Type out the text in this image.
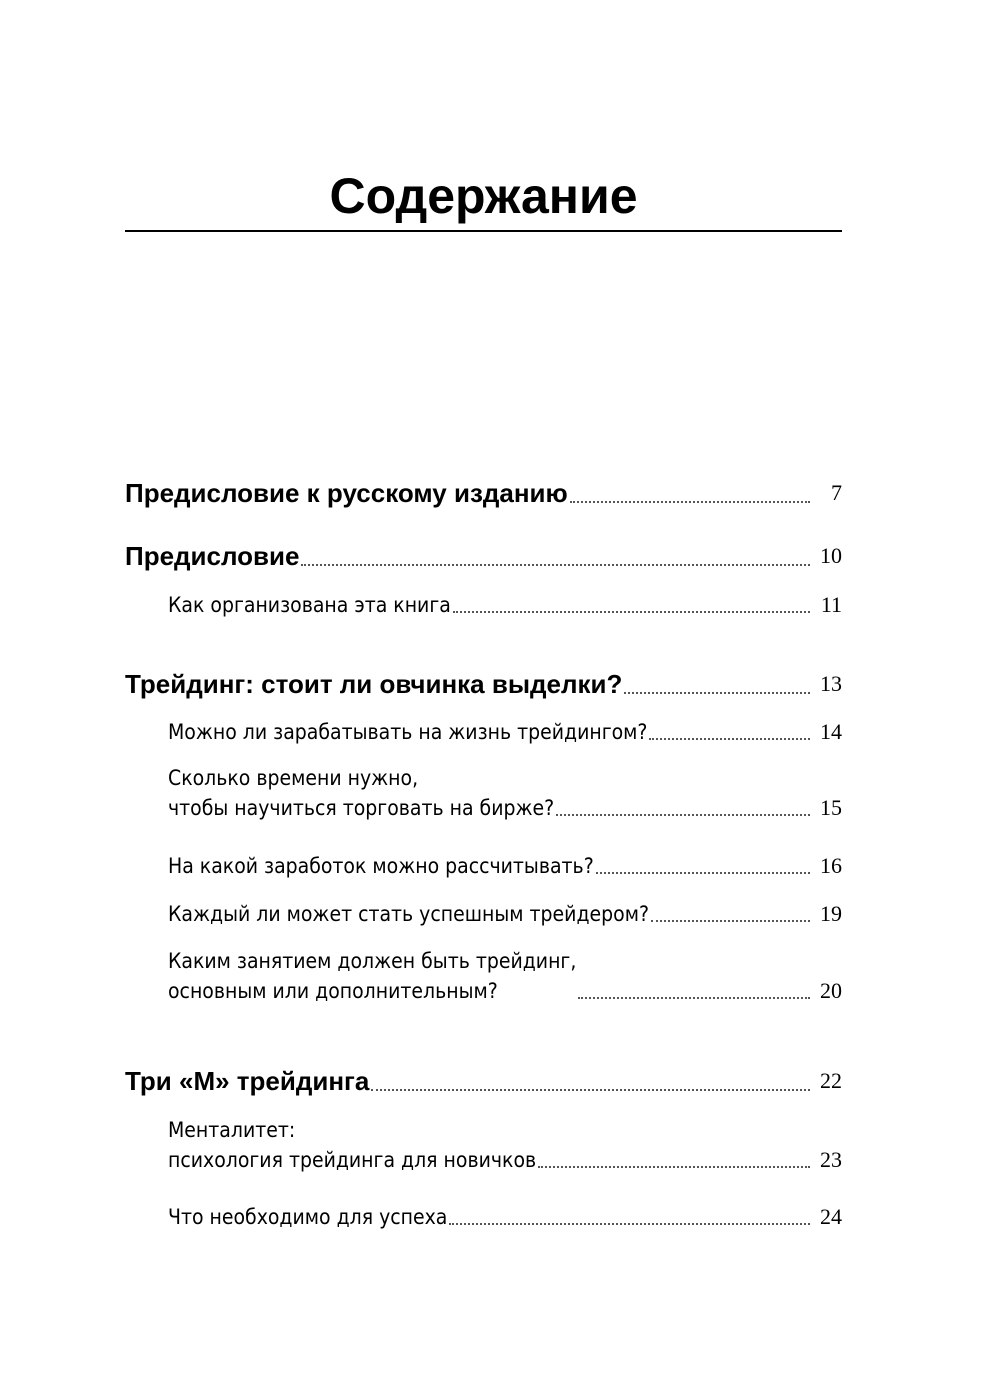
Содержание
Предисловие к русскому изданию	7
Предисловие	10
Как организована эта книга	11
Трейдинг: стоит ли овчинка выделки?	13
Можно ли зарабатывать на жизнь трейдингом?	14
Сколько времени нужно,
чтобы научиться торговать на бирже?	15
На какой заработок можно рассчитывать?	16
Каждый ли может стать успешным трейдером?	19
Каким занятием должен быть трейдинг,
основным или дополнительным?	20
Три «М» трейдинга	22
Менталитет:
психология трейдинга для новичков	23
Что необходимо для успеха	24
